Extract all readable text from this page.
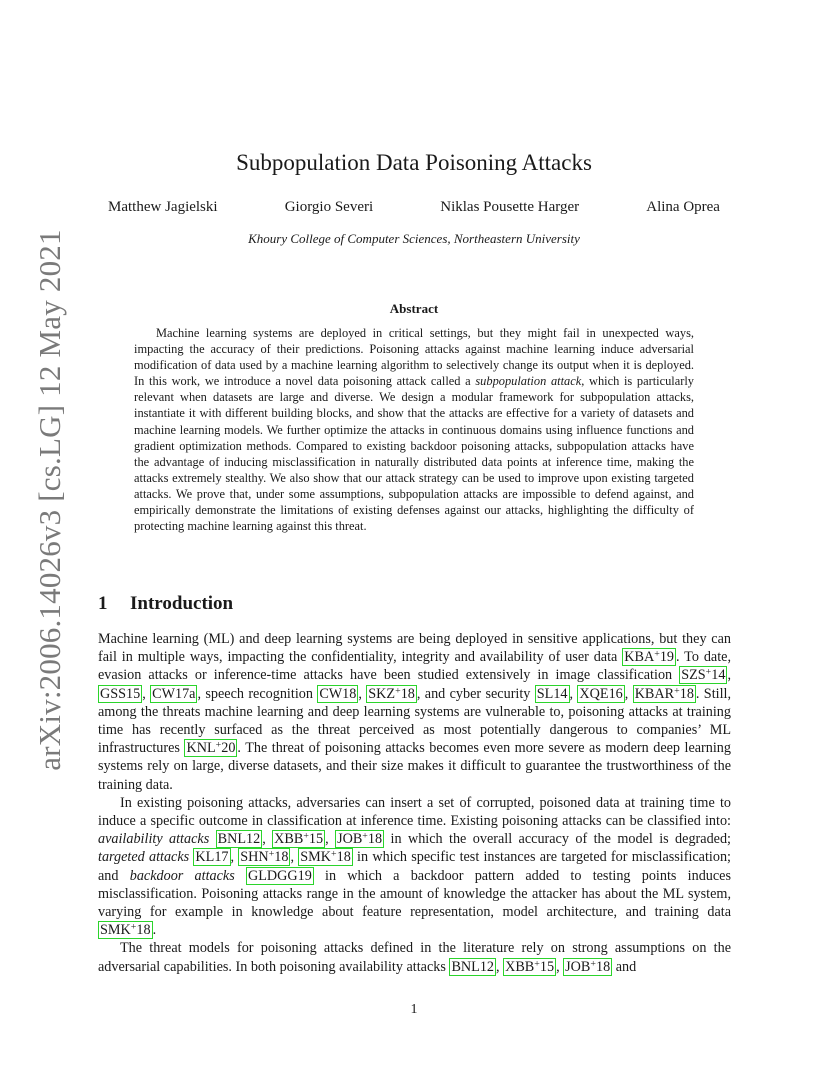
arXiv:2006.14026v3 [cs.LG] 12 May 2021
Subpopulation Data Poisoning Attacks
Matthew Jagielski	Giorgio Severi	Niklas Pousette Harger	Alina Oprea
Khoury College of Computer Sciences, Northeastern University
Abstract
Machine learning systems are deployed in critical settings, but they might fail in unexpected ways, impacting the accuracy of their predictions. Poisoning attacks against machine learning induce adversarial modification of data used by a machine learning algorithm to selectively change its output when it is deployed. In this work, we introduce a novel data poisoning attack called a subpopulation attack, which is particularly relevant when datasets are large and diverse. We design a modular framework for subpopulation attacks, instantiate it with different building blocks, and show that the attacks are effective for a variety of datasets and machine learning models. We further optimize the attacks in continuous domains using influence functions and gradient optimization methods. Compared to existing backdoor poisoning attacks, subpopulation attacks have the advantage of inducing misclassification in naturally distributed data points at inference time, making the attacks extremely stealthy. We also show that our attack strategy can be used to improve upon existing targeted attacks. We prove that, under some assumptions, subpopulation attacks are impossible to defend against, and empirically demonstrate the limitations of existing defenses against our attacks, highlighting the difficulty of protecting machine learning against this threat.
1 Introduction

Machine learning (ML) and deep learning systems are being deployed in sensitive applications, but they can fail in multiple ways, impacting the confidentiality, integrity and availability of user data KBA+19 . To date, evasion attacks or inference-time attacks have been studied extensively in image classification SZS+14 , GSS15 , CW17a , speech recognition CW18 , SKZ+18 , and cyber security SL14 , XQE16 , KBAR+18 . Still, among the threats machine learning and deep learning systems are vulnerable to, poisoning attacks at training time has recently surfaced as the threat perceived as most potentially dangerous to companies’ ML infrastructures KNL+20 . The threat of poisoning attacks becomes even more severe as modern deep learning systems rely on large, diverse datasets, and their size makes it difficult to guarantee the trustworthiness of the training data.

In existing poisoning attacks, adversaries can insert a set of corrupted, poisoned data at training time to induce a specific outcome in classification at inference time. Existing poisoning attacks can be classified into: availability attacks BNL12 , XBB+15 , JOB+18 in which the overall accuracy of the model is degraded; targeted attacks KL17 , SHN+18 , SMK+18 in which specific test instances are targeted for misclassification; and backdoor attacks GLDGG19 in which a backdoor pattern added to testing points induces misclassification. Poisoning attacks range in the amount of knowledge the attacker has about the ML system, varying for example in knowledge about feature representation, model architecture, and training data SMK+18 .

The threat models for poisoning attacks defined in the literature rely on strong assumptions on the adversarial capabilities. In both poisoning availability attacks BNL12 , XBB+15 , JOB+18 and

1
